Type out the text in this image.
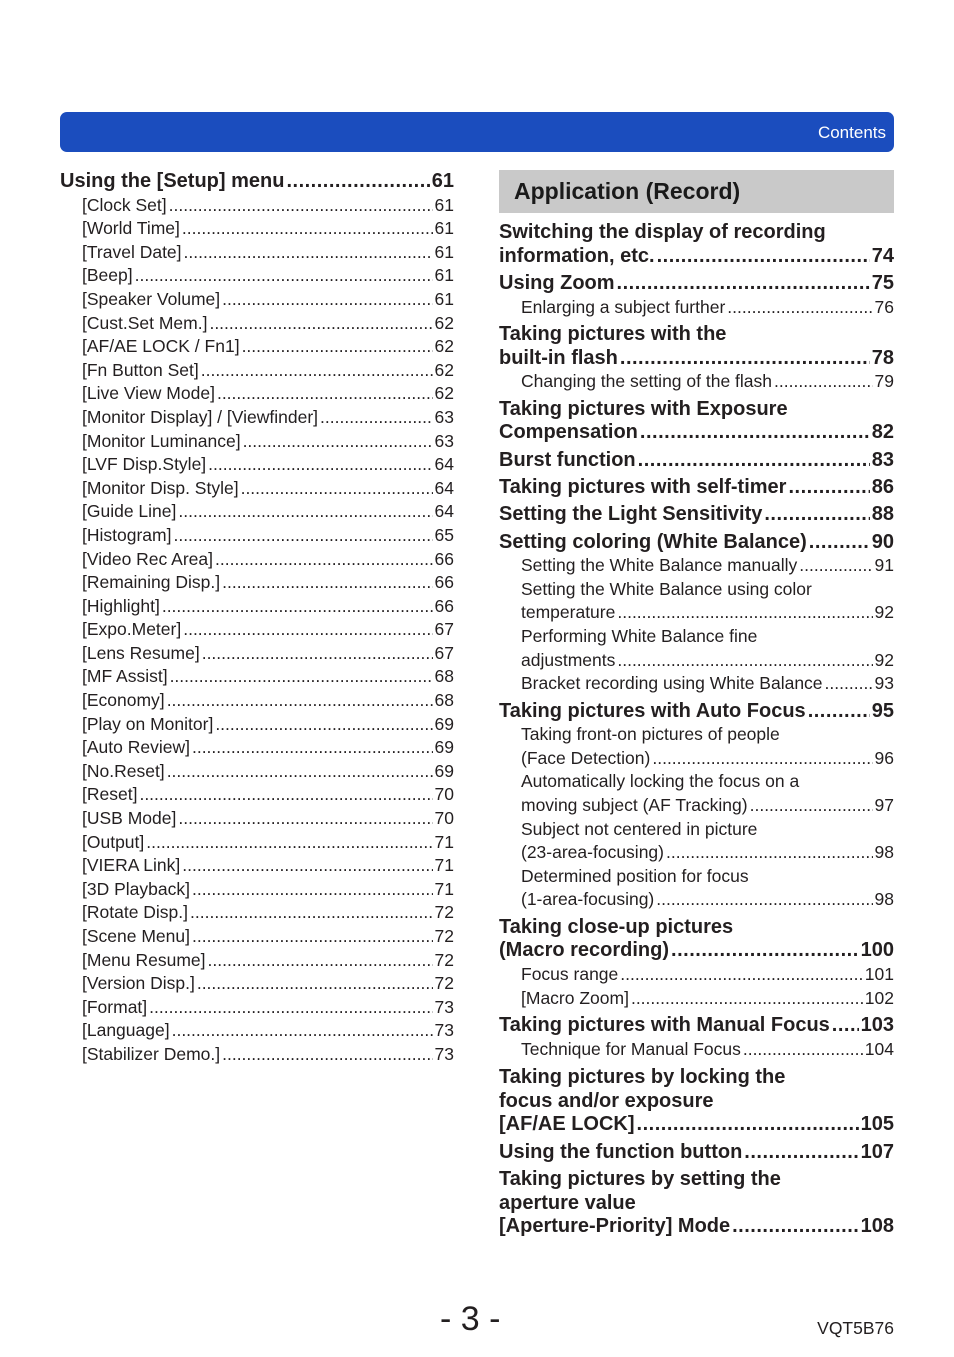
Contents
Using the [Setup] menu .....	61
[Clock Set] .....	61
[World Time] .....	61
[Travel Date] .....	61
[Beep] .....	61
[Speaker Volume] .....	61
[Cust.Set Mem.] .....	62
[AF/AE LOCK / Fn1] .....	62
[Fn Button Set] .....	62
[Live View Mode] .....	62
[Monitor Display] / [Viewfinder] .....	63
[Monitor Luminance] .....	63
[LVF Disp.Style] .....	64
[Monitor Disp. Style] .....	64
[Guide Line] .....	64
[Histogram] .....	65
[Video Rec Area] .....	66
[Remaining Disp.] .....	66
[Highlight] .....	66
[Expo.Meter] .....	67
[Lens Resume] .....	67
[MF Assist] .....	68
[Economy] .....	68
[Play on Monitor] .....	69
[Auto Review] .....	69
[No.Reset] .....	69
[Reset] .....	70
[USB Mode] .....	70
[Output] .....	71
[VIERA Link] .....	71
[3D Playback] .....	71
[Rotate Disp.] .....	72
[Scene Menu] .....	72
[Menu Resume] .....	72
[Version Disp.] .....	72
[Format] .....	73
[Language] .....	73
[Stabilizer Demo.] .....	73
Application (Record)
Switching the display of recording
information, etc. .....	74
Using Zoom .....	75
Enlarging a subject further .....	76
Taking pictures with the
built-in flash .....	78
Changing the setting of the flash .....	79
Taking pictures with Exposure
Compensation .....	82
Burst function .....	83
Taking pictures with self-timer .....	86
Setting the Light Sensitivity .....	88
Setting coloring (White Balance) .....	90
Setting the White Balance manually .....	91
Setting the White Balance using color
temperature .....	92
Performing White Balance fine
adjustments .....	92
Bracket recording using White Balance .....	93
Taking pictures with Auto Focus .....	95
Taking front-on pictures of people
(Face Detection) .....	96
Automatically locking the focus on a
moving subject (AF Tracking) .....	97
Subject not centered in picture
(23-area-focusing) .....	98
Determined position for focus
(1-area-focusing) .....	98
Taking close-up pictures
(Macro recording) .....	100
Focus range .....	101
[Macro Zoom] .....	102
Taking pictures with Manual Focus ..... 103
Technique for Manual Focus .....	104
Taking pictures by locking the
focus and/or exposure
[AF/AE LOCK] .....	105
Using the function button .....	107
Taking pictures by setting the
aperture value
[Aperture-Priority] Mode .....	108
- 3 -	VQT5B76
